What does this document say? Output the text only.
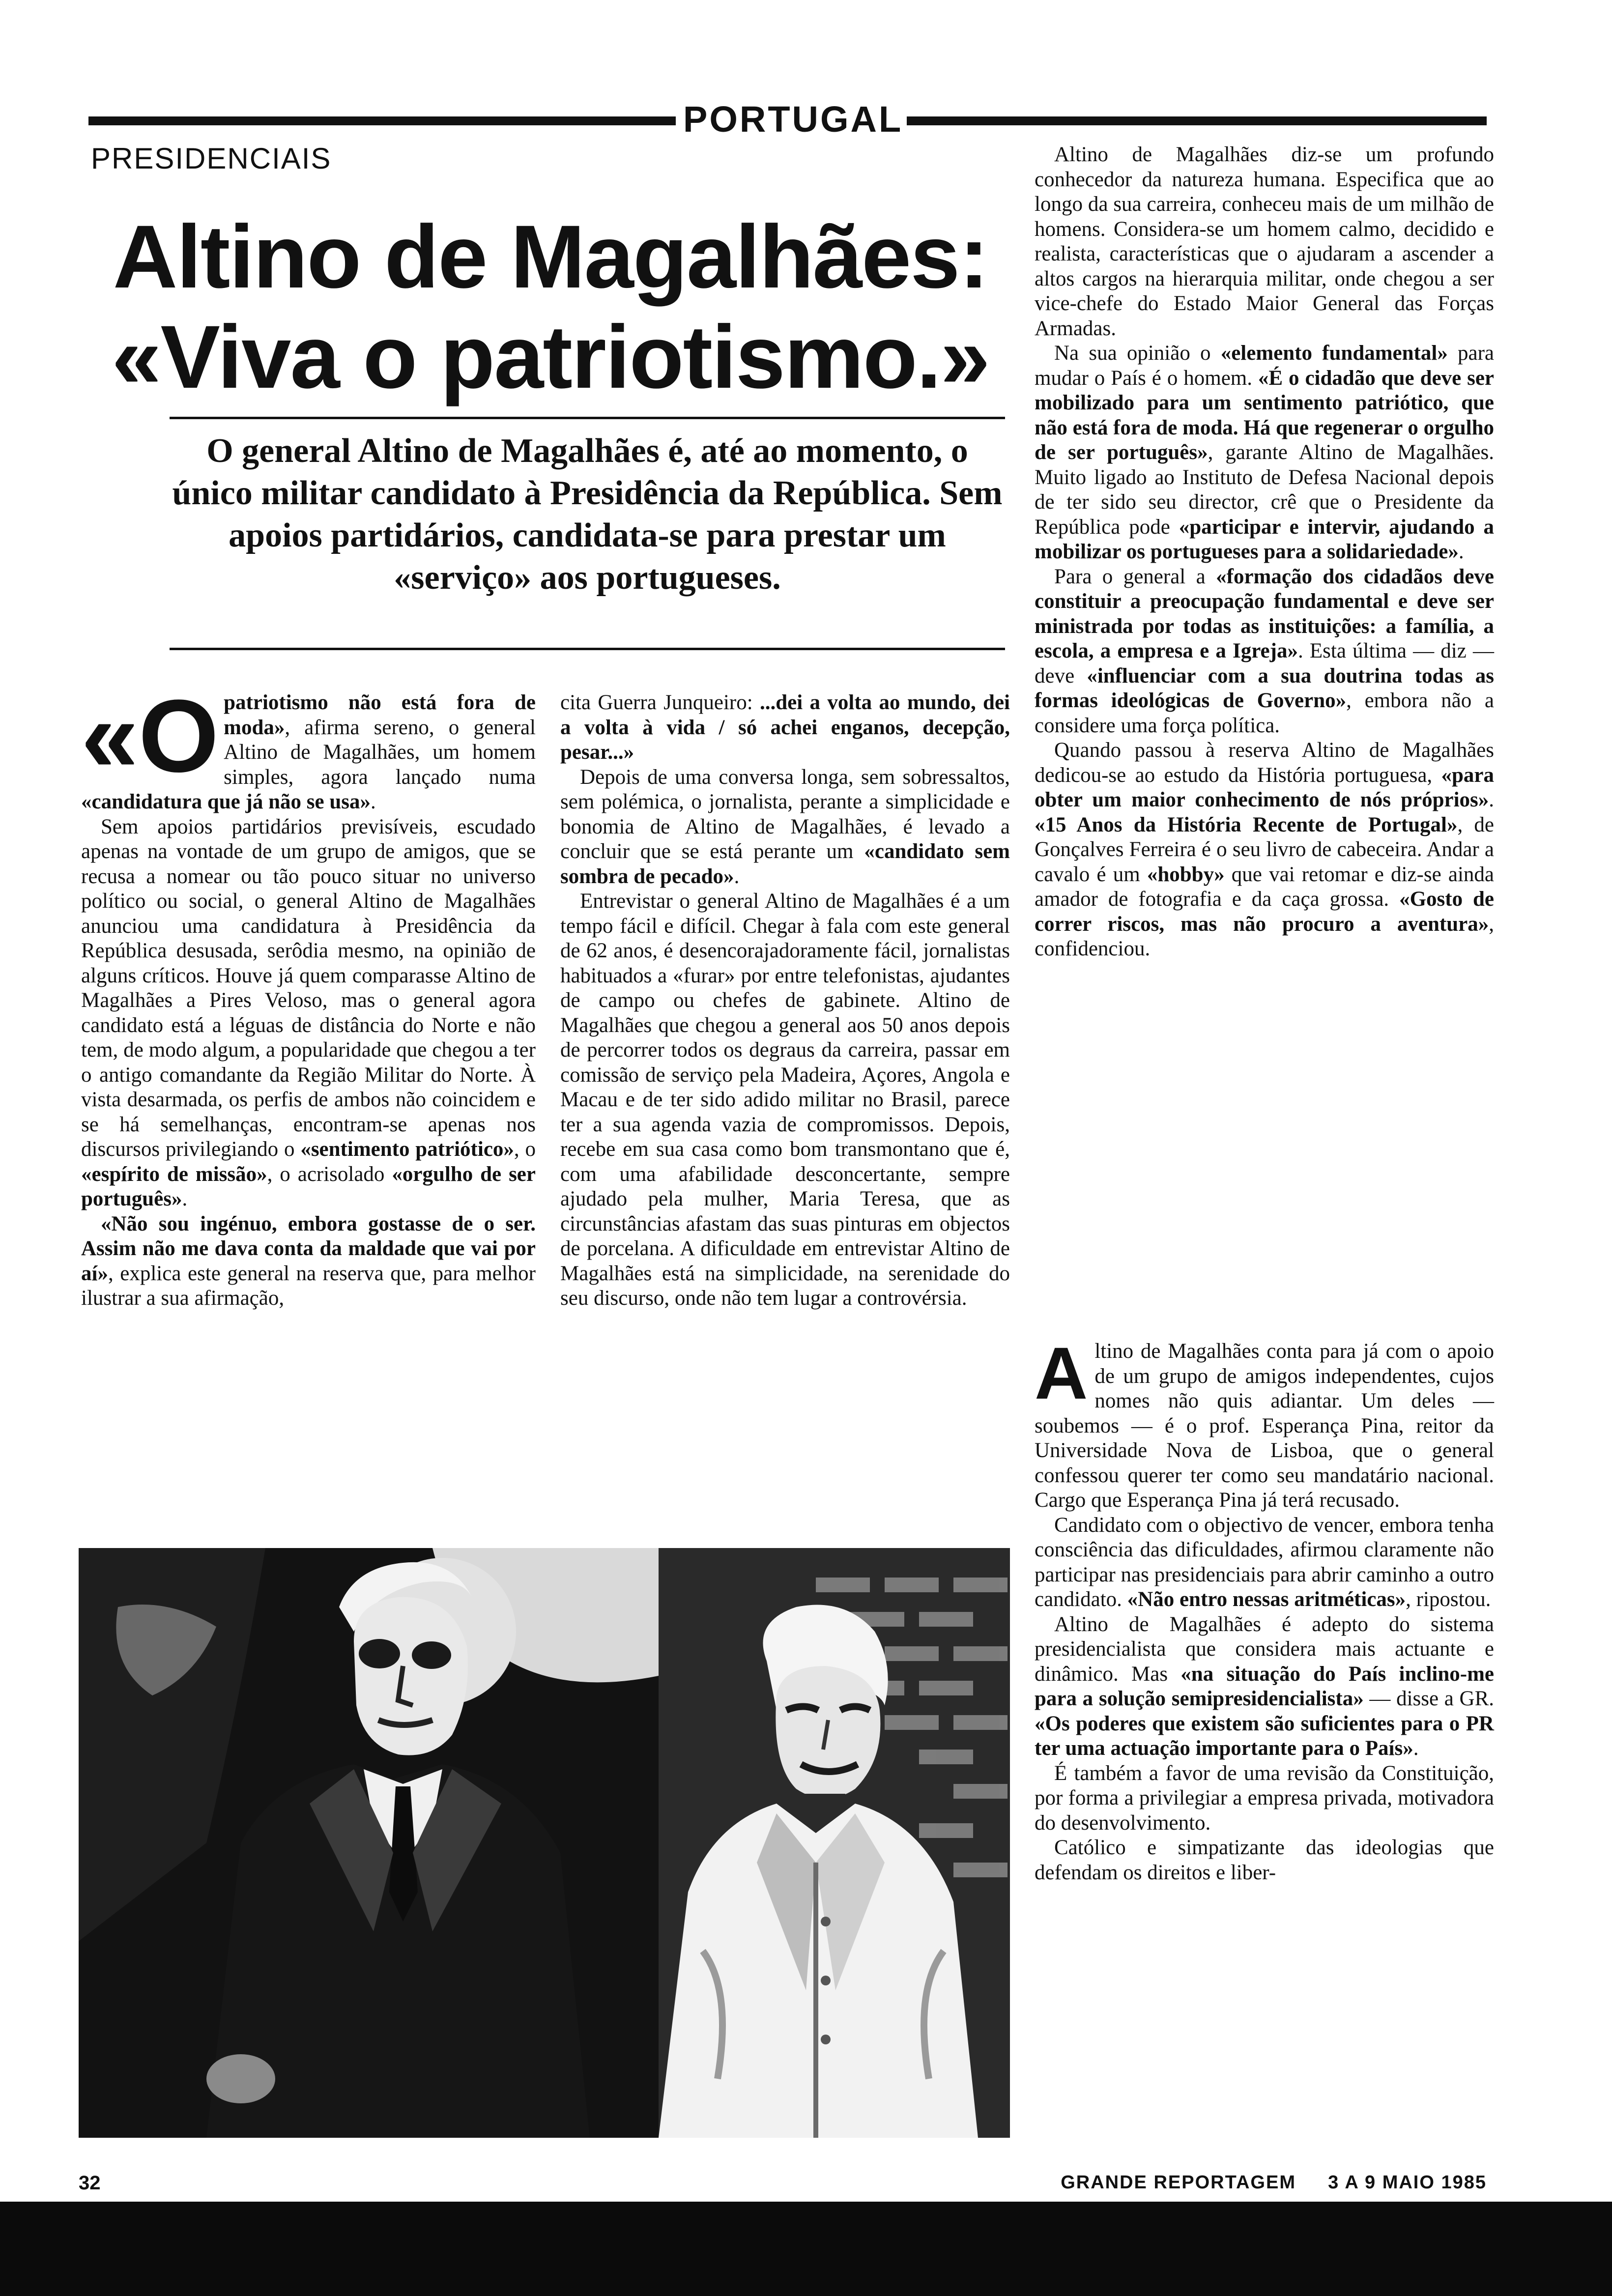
PORTUGAL
PRESIDENCIAIS
Altino de Magalhães:
«Viva o patriotismo.»
O general Altino de Magalhães é, até ao momento, o único militar candidato à Presidência da República. Sem apoios partidários, candidata-se para prestar um «serviço» aos portugueses.

«Opatriotismo não está fora de moda», afirma sereno, o general Altino de Magalhães, um homem simples, agora lançado numa «candidatura que já não se usa».

Sem apoios partidários previsíveis, escudado apenas na vontade de um grupo de amigos, que se recusa a nomear ou tão pouco situar no universo político ou social, o general Altino de Magalhães anunciou uma candidatura à Presidência da República desusada, serôdia mesmo, na opinião de alguns críticos. Houve já quem comparasse Altino de Magalhães a Pires Veloso, mas o general agora candidato está a léguas de distância do Norte e não tem, de modo algum, a popularidade que chegou a ter o antigo comandante da Região Militar do Norte. À vista desarmada, os perfis de ambos não coincidem e se há semelhanças, encontram-se apenas nos discursos privilegiando o «sentimento patriótico», o «espírito de missão», o acrisolado «orgulho de ser português».

«Não sou ingénuo, embora gostasse de o ser. Assim não me dava conta da maldade que vai por aí», explica este general na reserva que, para melhor ilustrar a sua afirmação,

cita Guerra Junqueiro: ...dei a volta ao mundo, dei a volta à vida / só achei enganos, decepção, pesar...»

Depois de uma conversa longa, sem sobressaltos, sem polémica, o jornalista, perante a simplicidade e bonomia de Altino de Magalhães, é levado a concluir que se está perante um «candidato sem sombra de pecado».

Entrevistar o general Altino de Magalhães é a um tempo fácil e difícil. Chegar à fala com este general de 62 anos, é desencorajadoramente fácil, jornalistas habituados a «furar» por entre telefonistas, ajudantes de campo ou chefes de gabinete. Altino de Magalhães que chegou a general aos 50 anos depois de percorrer todos os degraus da carreira, passar em comissão de serviço pela Madeira, Açores, Angola e Macau e de ter sido adido militar no Brasil, parece ter a sua agenda vazia de compromissos. Depois, recebe em sua casa como bom transmontano que é, com uma afabilidade desconcertante, sempre ajudado pela mulher, Maria Teresa, que as circunstâncias afastam das suas pinturas em objectos de porcelana. A dificuldade em entrevistar Altino de Magalhães está na simplicidade, na serenidade do seu discurso, onde não tem lugar a controvérsia.

Altino de Magalhães diz-se um profundo conhecedor da natureza humana. Especifica que ao longo da sua carreira, conheceu mais de um milhão de homens. Considera-se um homem calmo, decidido e realista, características que o ajudaram a ascender a altos cargos na hierarquia militar, onde chegou a ser vice-chefe do Estado Maior General das Forças Armadas.

Na sua opinião o «elemento fundamental» para mudar o País é o homem. «É o cidadão que deve ser mobilizado para um sentimento patriótico, que não está fora de moda. Há que regenerar o orgulho de ser português», garante Altino de Magalhães. Muito ligado ao Instituto de Defesa Nacional depois de ter sido seu director, crê que o Presidente da República pode «participar e intervir, ajudando a mobilizar os portugueses para a solidariedade».

Para o general a «formação dos cidadãos deve constituir a preocupação fundamental e deve ser ministrada por todas as instituições: a família, a escola, a empresa e a Igreja». Esta última — diz — deve «influenciar com a sua doutrina todas as formas ideológicas de Governo», embora não a considere uma força política.

Quando passou à reserva Altino de Magalhães dedicou-se ao estudo da História portuguesa, «para obter um maior conhecimento de nós próprios». «15 Anos da História Recente de Portugal», de Gonçalves Ferreira é o seu livro de cabeceira. Andar a cavalo é um «hobby» que vai retomar e diz-se ainda amador de fotografia e da caça grossa. «Gosto de correr riscos, mas não procuro a aventura», confidenciou.

Altino de Magalhães conta para já com o apoio de um grupo de amigos independentes, cujos nomes não quis adiantar. Um deles — soubemos — é o prof. Esperança Pina, reitor da Universidade Nova de Lisboa, que o general confessou querer ter como seu mandatário nacional. Cargo que Esperança Pina já terá recusado.

Candidato com o objectivo de vencer, embora tenha consciência das dificuldades, afirmou claramente não participar nas presidenciais para abrir caminho a outro candidato. «Não entro nessas aritméticas», ripostou.

Altino de Magalhães é adepto do sistema presidencialista que considera mais actuante e dinâmico. Mas «na situação do País inclino-me para a solução semipresidencialista» — disse a GR. «Os poderes que existem são suficientes para o PR ter uma actuação importante para o País».

É também a favor de uma revisão da Constituição, por forma a privilegiar a empresa privada, motivadora do desenvolvimento.

Católico e simpatizante das ideologias que defendam os direitos e liber-

32	GRANDE REPORTAGEM 3 A 9 MAIO 1985
